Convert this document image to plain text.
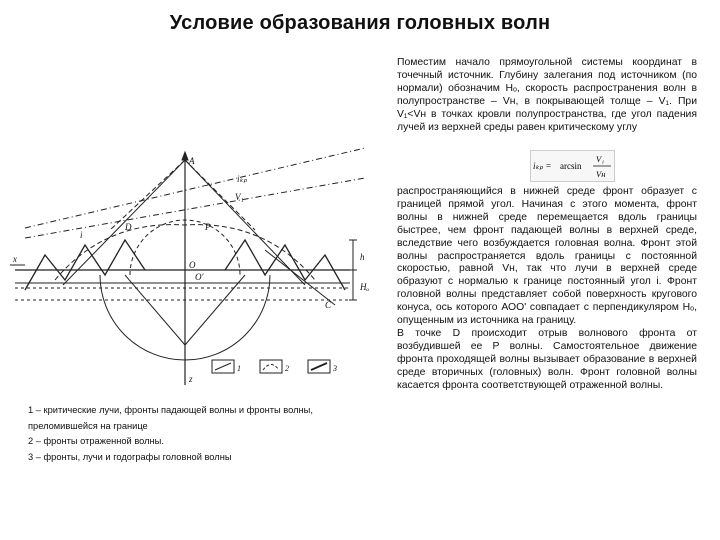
Условие образования головных волн
A
O
O'
z
V₁
Hₒ
h
i
iₖₚ
D	P
C
x
1	2	3
1 – критические лучи, фронты падающей волны и фронты волны,
преломившейся на границе
2 – фронты отраженной волны.
3 – фронты, лучи и годографы головной волны

Поместим начало прямоугольной системы координат в точечный источник. Глубину залегания под источником (по нормали) обозначим Hₒ, скорость распространения волн в полупространстве – Vн, в покрывающей толще – V₁. При V₁<Vн в точках кровли полупространства, где угол падения лучей из верхней среды равен критическому углу

iₖₚ = arcsin
V₁
Vн

распространяющийся в нижней среде фронт образует с границей прямой угол. Начиная с этого момента, фронт волны в нижней среде перемещается вдоль границы быстрее, чем фронт падающей волны в верхней среде, вследствие чего возбуждается головная волна. Фронт этой волны распространяется вдоль границы с постоянной скоростью, равной Vн, так что лучи в верхней среде образуют с нормалью к границе постоянный угол i. Фронт головной волны представляет собой поверхность кругового конуса, ось которого АОО' совпадает с перпендикуляром Hₒ, опущенным из источника на границу.

В точке D происходит отрыв волнового фронта от возбудившей ее Р волны. Самостоятельное движение фронта проходящей волны вызывает образование в верхней среде вторичных (головных) волн. Фронт головной волны касается фронта соответствующей отраженной волны.
